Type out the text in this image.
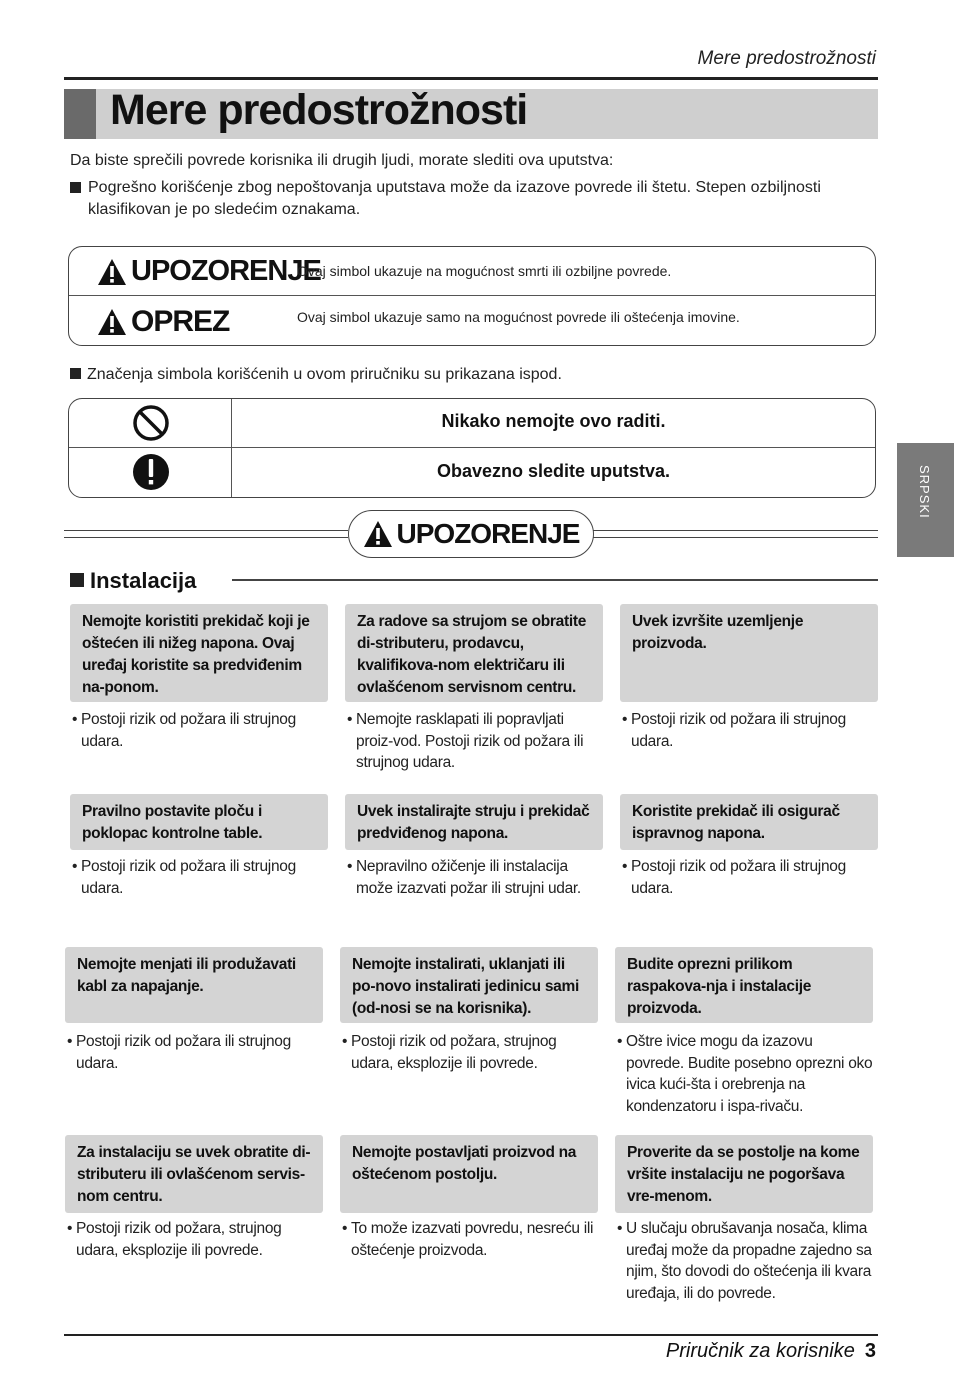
Mere predostrožnosti
Mere predostrožnosti
Da biste sprečili povrede korisnika ili drugih ljudi, morate slediti ova uputstva:
Pogrešno korišćenje zbog nepoštovanja uputstava može da izazove povrede ili štetu. Stepen ozbiljnosti klasifikovan je po sledećim oznakama.
UPOZORENJE
Ovaj simbol ukazuje na mogućnost smrti ili ozbiljne povrede.
OPREZ	Ovaj simbol ukazuje samo na mogućnost povrede ili oštećenja imovine.
Značenja simbola korišćenih u ovom priručniku su prikazana ispod.
Nikako nemojte ovo raditi.
Obavezno sledite uputstva.	SRPSKI
UPOZORENJE
Instalacija
Nemojte koristiti prekidač koji je oštećen ili nižeg napona. Ovaj uređaj koristite sa predviđenim na-ponom.
Za radove sa strujom se obratite di-stributeru, prodavcu, kvalifikova-nom električaru ili ovlašćenom servisnom centru.
Uvek izvršite uzemljenje proizvoda.
• Postoji rizik od požara ili strujnog udara.
• Nemojte rasklapati ili popravljati proiz-vod. Postoji rizik od požara ili strujnog udara.
• Postoji rizik od požara ili strujnog udara.
Pravilno postavite ploču i poklopac kontrolne table.
Uvek instalirajte struju i prekidač predviđenog napona.
Koristite prekidač ili osigurač ispravnog napona.
• Postoji rizik od požara ili strujnog udara.
• Nepravilno ožičenje ili instalacija može izazvati požar ili strujni udar.
• Postoji rizik od požara ili strujnog udara.
Nemojte menjati ili produžavati kabl za napajanje.
Nemojte instalirati, uklanjati ili po-novo instalirati jedinicu sami (od-nosi se na korisnika).
Budite oprezni prilikom raspakova-nja i instalacije proizvoda.
• Postoji rizik od požara ili strujnog udara.
• Postoji rizik od požara, strujnog udara, eksplozije ili povrede.
• Oštre ivice mogu da izazovu povrede. Budite posebno oprezni oko ivica kući-šta i orebrenja na kondenzatoru i ispa-rivaču.
Za instalaciju se uvek obratite di-stributeru ili ovlašćenom servis-nom centru.
Nemojte postavljati proizvod na oštećenom postolju.
Proverite da se postolje na kome vršite instalaciju ne pogoršava vre-menom.
• Postoji rizik od požara, strujnog udara, eksplozije ili povrede.
• To može izazvati povredu, nesreću ili oštećenje proizvoda.
• U slučaju obrušavanja nosača, klima uređaj može da propadne zajedno sa njim, što dovodi do oštećenja ili kvara uređaja, ili do povrede.
Priručnik za korisnike 3
